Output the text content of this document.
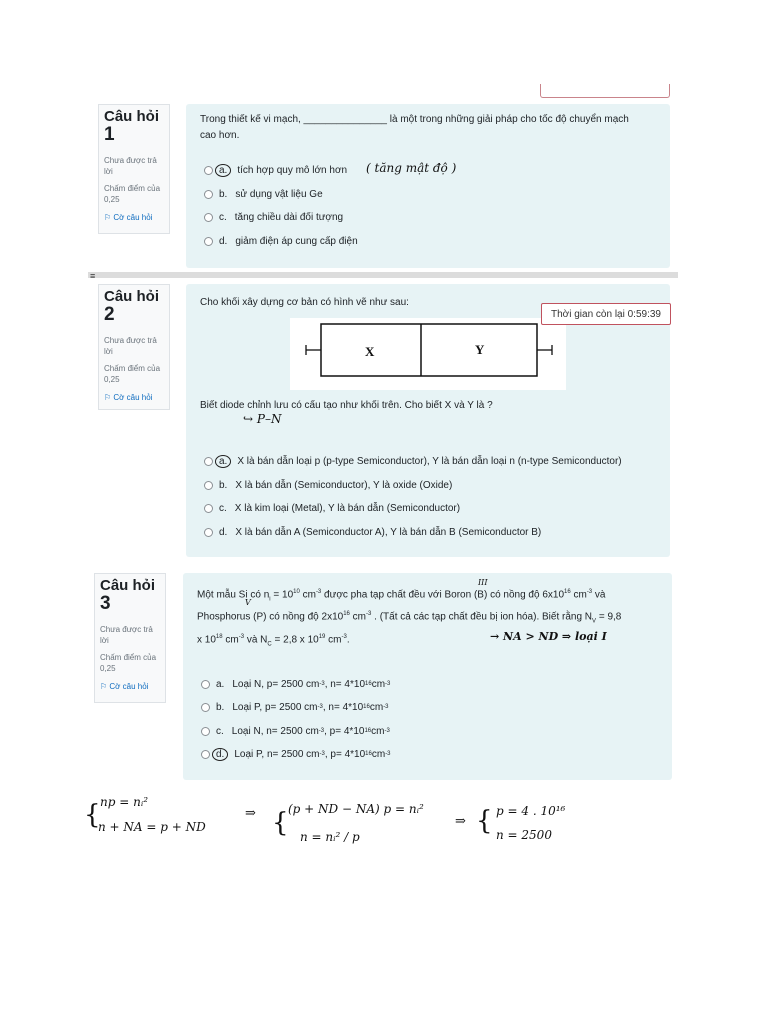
Câu hỏi
1
Chưa được trả
lời
Chấm điểm của
0,25
⚐ Cờ câu hỏi
Trong thiết kế vi mạch, _______________ là một trong những giải pháp cho tốc độ chuyển mạch
cao hơn.
a.	tích hợp quy mô lớn hơn
b. sử dụng vật liệu Ge
c. tăng chiều dài đối tượng
d. giảm điện áp cung cấp điện
( tăng mật độ )
≡
Câu hỏi
2
Chưa được trả
lời
Chấm điểm của
0,25
⚐ Cờ câu hỏi
Cho khối xây dựng cơ bản có hình vẽ như sau:
Biết diode chỉnh lưu có cấu tạo như khối trên. Cho biết X và Y là ?
a.	X là bán dẫn loại p (p-type Semiconductor), Y là bán dẫn loại n (n-type Semiconductor)
b. X là bán dẫn (Semiconductor), Y là oxide (Oxide)
c. X là kim loại (Metal), Y là bán dẫn (Semiconductor)
d. X là bán dẫn A (Semiconductor A), Y là bán dẫn B (Semiconductor B)
X	Y
Thời gian còn lại 0:59:39
↪ P–N
Câu hỏi
3
Chưa được trả
lời
Chấm điểm của
0,25
⚐ Cờ câu hỏi
Một mẫu Si có $n_i = 10^{10}$ $cm^{-3}$ được pha tạp chất đều với Boron (B) có nồng độ $6x10^{16}$ $cm^{-3}$ và
Phosphorus (P) có nồng độ $2x10^{16}$ $cm^{-3}$ . (Tất cả các tạp chất đều bị ion hóa). Biết rằng $N_V = 9,8$
x $10^{18}$ $cm^{-3}$ và $N_C = 2,8$ x $10^{19}$ $cm^{-3}$.
a. Loại N, p= 2500 cm -3 , n= 4*10 16 cm -3
b. Loại P, p= 2500 cm -3 , n= 4*10 16 cm -3
c. Loại N, n= 2500 cm -3 , p= 4*10 16 cm -3
d.	Loại P, n= 2500 cm -3 , p= 4*10 16 cm -3
III
V
→ NA > ND ⇒ loại I
{ np = nᵢ²
n + NA = p + ND
⇒ { (p + ND − NA) p = nᵢ²
n = nᵢ² / p
⇒ { p = 4 . 10¹⁶
n = 2500
